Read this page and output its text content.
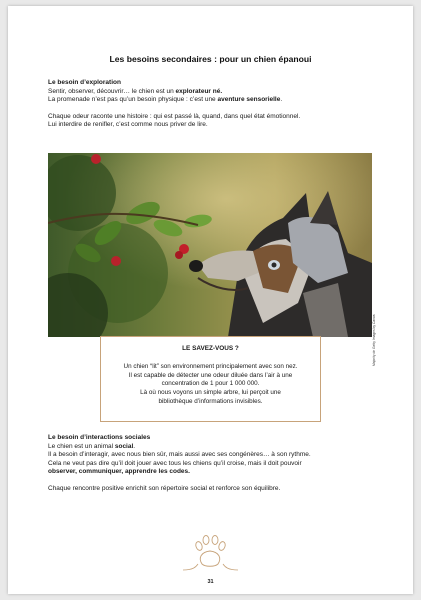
Les besoins secondaires : pour un chien épanoui

Le besoin d’exploration

Sentir, observer, découvrir… le chien est un explorateur né.

La promenade n’est pas qu’un besoin physique : c’est une aventure sensorielle.

Chaque odeur raconte une histoire : qui est passé là, quand, dans quel état émotionnel.

Lui interdire de renifler, c’est comme nous priver de lire.

Majority de Getty Images by Canva
LE SAVEZ-VOUS ?

Un chien “lit” son environnement principalement avec son nez.

Il est capable de détecter une odeur diluée dans l’air à une

concentration de 1 pour 1 000 000.

Là où nous voyons un simple arbre, lui perçoit une

bibliothèque d’informations invisibles.

Le besoin d’interactions sociales

Le chien est un animal social.

Il a besoin d’interagir, avec nous bien sûr, mais aussi avec ses congénères… à son rythme.

Cela ne veut pas dire qu’il doit jouer avec tous les chiens qu’il croise, mais il doit pouvoir

observer, communiquer, apprendre les codes.

Chaque rencontre positive enrichit son répertoire social et renforce son équilibre.

31
